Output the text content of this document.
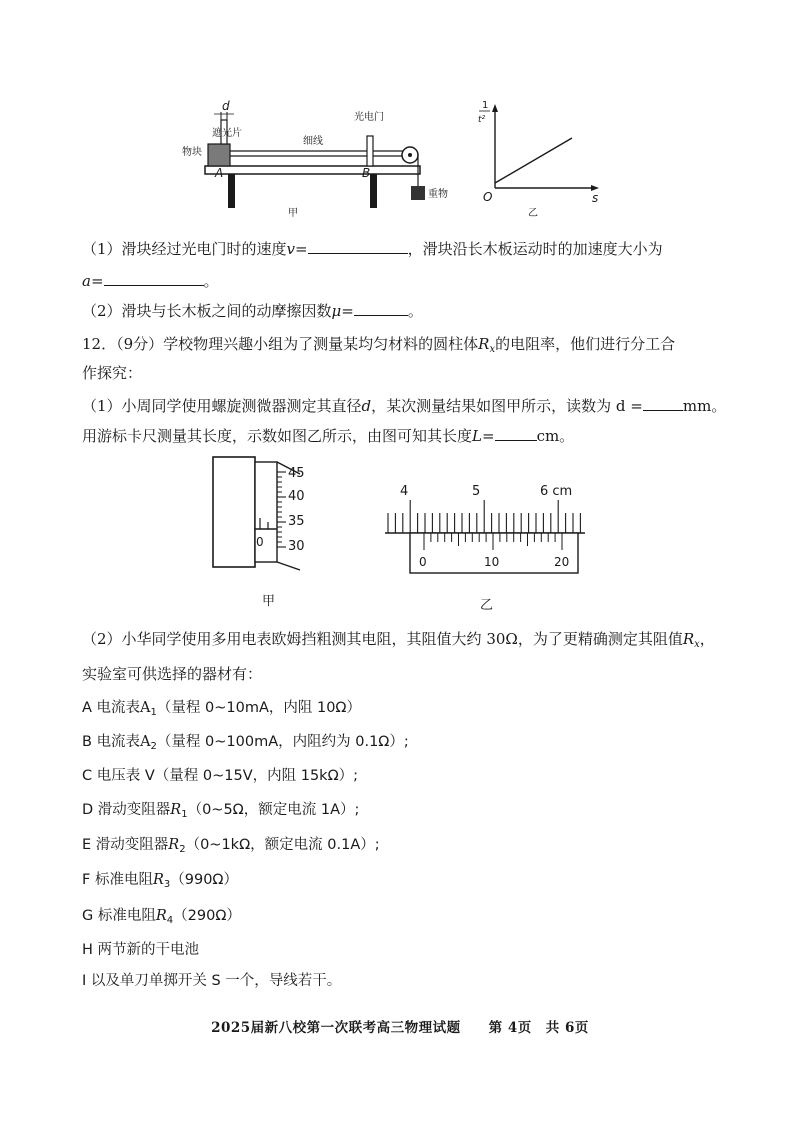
遮光片
物块
d
光电门
细线
A	B
重物
甲
1
t²
O	s
乙
（1）滑块经过光电门时的速度v=	，滑块沿长木板运动时的加速度大小为
a=	。
（2）滑块与长木板之间的动摩擦因数μ=	。
12．（9分）学校物理兴趣小组为了测量某均匀材料的圆柱体$R_x$的电阻率，他们进行分工合
作探究：
（1）小周同学使用螺旋测微器测定其直径d，某次测量结果如图甲所示，读数为 d =	mm。
用游标卡尺测量其长度，示数如图乙所示，由图可知其长度L=	cm。
45
40
35
30
0
甲
4	5	6 cm
0	10	20
乙
（2）小华同学使用多用电表欧姆挡粗测其电阻，其阻值大约 30Ω，为了更精确测定其阻值$R_x$，
实验室可供选择的器材有：
A 电流表$A_1$（量程 0~10mA，内阻 10Ω）
B 电流表$A_2$（量程 0~100mA，内阻约为 0.1Ω）;
C 电压表 V（量程 0~15V，内阻 15kΩ）;
D 滑动变阻器$R_1(0\sim 5\Omega$，额定电流 1A）;
E 滑动变阻器$R_2(0\sim 1k\Omega$，额定电流 0.1A）;
F 标准电阻$R_3(990\Omega)$
G 标准电阻$R_4(290\Omega)$
H 两节新的干电池
I 以及单刀单掷开关 S 一个，导线若干。
2025届新八校第一次联考高三物理试题　　第 4页　共 6页
